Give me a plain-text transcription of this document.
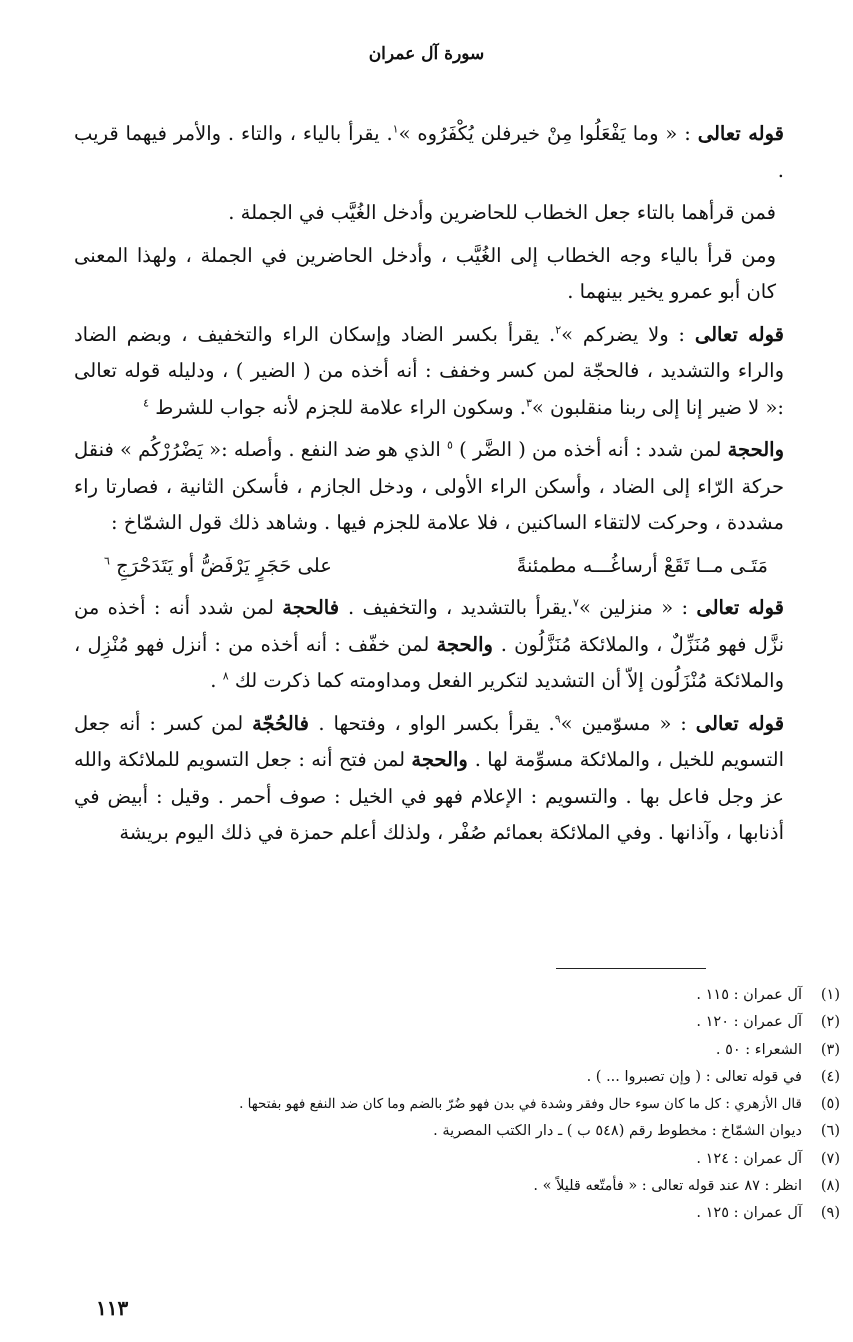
سورة آل عمران

قوله تعالى : « وما يَفْعَلُوا مِنْ خيرفلن يُكْفَرُوه »$^١$. يقرأ بالياء ، والتاء . والأمر فيهما قريب .

فمن قرأهما بالتاء جعل الخطاب للحاضرين وأدخل الغُيَّب في الجملة .

ومن قرأ بالياء وجه الخطاب إلى الغُيَّب ، وأدخل الحاضرين في الجملة ، ولهذا المعنى كان أبو عمرو يخير بينهما .

قوله تعالى : ولا يضركم »$^٢$. يقرأ بكسر الضاد وإسكان الراء والتخفيف ، وبضم الضاد والراء والتشديد ، فالحجّة لمن كسر وخفف : أنه أخذه من ( الضير ) ، ودليله قوله تعالى :« لا ضير إنا إلى ربنا منقلبون »$^٣$. وسكون الراء علامة للجزم لأنه جواب للشرط $^٤$

والحجة لمن شدد : أنه أخذه من ( الضَّر ) $^٥$ الذي هو ضد النفع . وأصله :« يَضْرُرْكُم » فنقل حركة الرّاء إلى الضاد ، وأسكن الراء الأولى ، ودخل الجازم ، فأسكن الثانية ، فصارتا راء مشددة ، وحركت لالتقاء الساكنين ، فلا علامة للجزم فيها . وشاهد ذلك قول الشمّاخ :

مَتَـى مــا تَقَعْ أرساغُـــه مطمئنةً
على حَجَرٍ يَرْفَضُّ أو يَتَدَحْرَجِ $^٦$

قوله تعالى : « منزلين »$^٧$.يقرأ بالتشديد ، والتخفيف . فالحجة لمن شدد أنه : أخذه من نزَّل فهو مُنَزِّلٌ ، والملائكة مُنَزَّلُون . والحجة لمن خفّف : أنه أخذه من : أنزل فهو مُنْزِل ، والملائكة مُنْزَلُون إلاّ أن التشديد لتكرير الفعل ومداومته كما ذكرت لك $^٨$ .

قوله تعالى : « مسوّمين »$^٩$. يقرأ بكسر الواو ، وفتحها . فالحُجّة لمن كسر : أنه جعل التسويم للخيل ، والملائكة مسوِّمة لها . والحجة لمن فتح أنه : جعل التسويم للملائكة والله عز وجل فاعل بها . والتسويم : الإعلام فهو في الخيل : صوف أحمر . وقيل : أبيض في أذنابها ، وآذانها . وفي الملائكة بعمائم صُفْر ، ولذلك أعلم حمزة في ذلك اليوم بريشة

(١)
آل عمران : ١١٥ .
(٢)
آل عمران : ١٢٠ .
(٣)
الشعراء : ٥٠ .
(٤)
في قوله تعالى : ( وإن تصبروا ... ) .
(٥)
قال الأزهري : كل ما كان سوء حال وفقر وشدة في بدن فهو ضُرّ بالضم وما كان ضد النفع فهو بفتحها .
(٦)
ديوان الشمّاخ : مخطوط رقم (٥٤٨ ب ) ـ دار الكتب المصرية .
(٧)
آل عمران : ١٢٤ .
(٨)
انظر : ٨٧ عند قوله تعالى : « فأمتّعه قليلاً » .
(٩)
آل عمران : ١٢٥ .
١١٣
